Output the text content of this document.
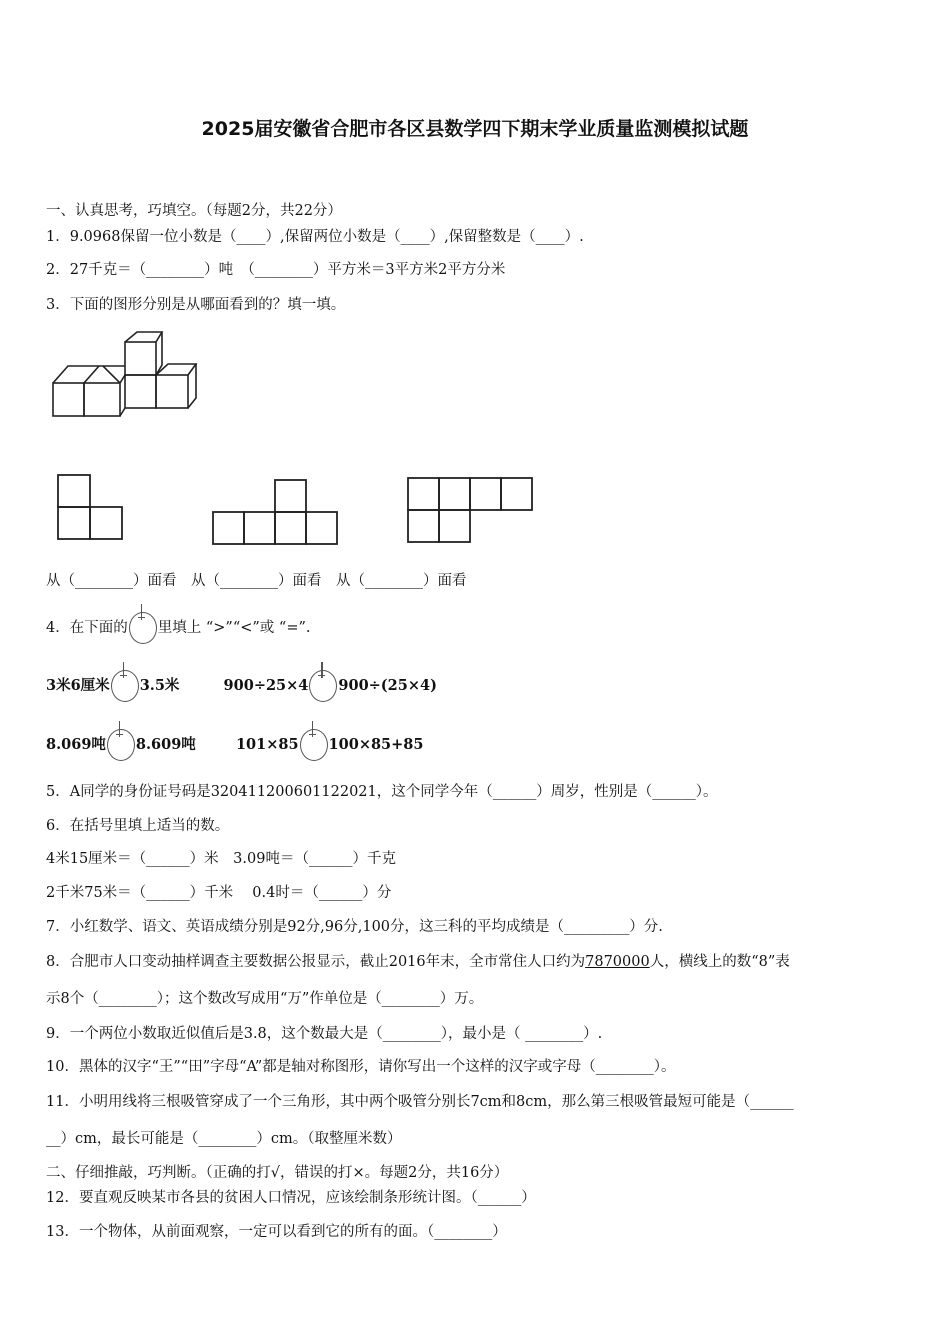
2025届安徽省合肥市各区县数学四下期末学业质量监测模拟试题
一、认真思考，巧填空。（每题2分，共22分）
1．9.0968保留一位小数是（____）,保留两位小数是（____）,保留整数是（____）.
2．27千克＝（________）吨　（________）平方米＝3平方米2平方分米
3．下面的图形分别是从哪面看到的？填一填。
从（________）面看　从（________）面看　从（________）面看
4．在下面的 里填上 “>”“<”或 “=”.
3米6厘米 3.5米	900÷25×4 900÷(25×4)
8.069吨 8.609吨	101×85 100×85+85
5．A同学的身份证号码是320411200601122021，这个同学今年（______）周岁，性别是（______）。
6．在括号里填上适当的数。
4米15厘米＝（______）米　3.09吨＝（______）千克
2千米75米＝（______）千米　 0.4时＝（______）分
7．小红数学、语文、英语成绩分别是92分,96分,100分，这三科的平均成绩是（_________）分.
8．合肥市人口变动抽样调查主要数据公报显示，截止2016年末，全市常住人口约为7870000人，横线上的数“8”表
示8个（________）；这个数改写成用“万”作单位是（________）万。
9．一个两位小数取近似值后是3.8，这个数最大是（________），最小是（ ________）.
10．黑体的汉字“王”“田”字母“A”都是轴对称图形，请你写出一个这样的汉字或字母（________）。
11．小明用线将三根吸管穿成了一个三角形，其中两个吸管分别长7cm和8cm，那么第三根吸管最短可能是（______
__）cm，最长可能是（________）cm。（取整厘米数）
二、仔细推敲，巧判断。（正确的打√，错误的打×。每题2分，共16分）
12．要直观反映某市各县的贫困人口情况，应该绘制条形统计图。（______）
13．一个物体，从前面观察，一定可以看到它的所有的面。（________）
